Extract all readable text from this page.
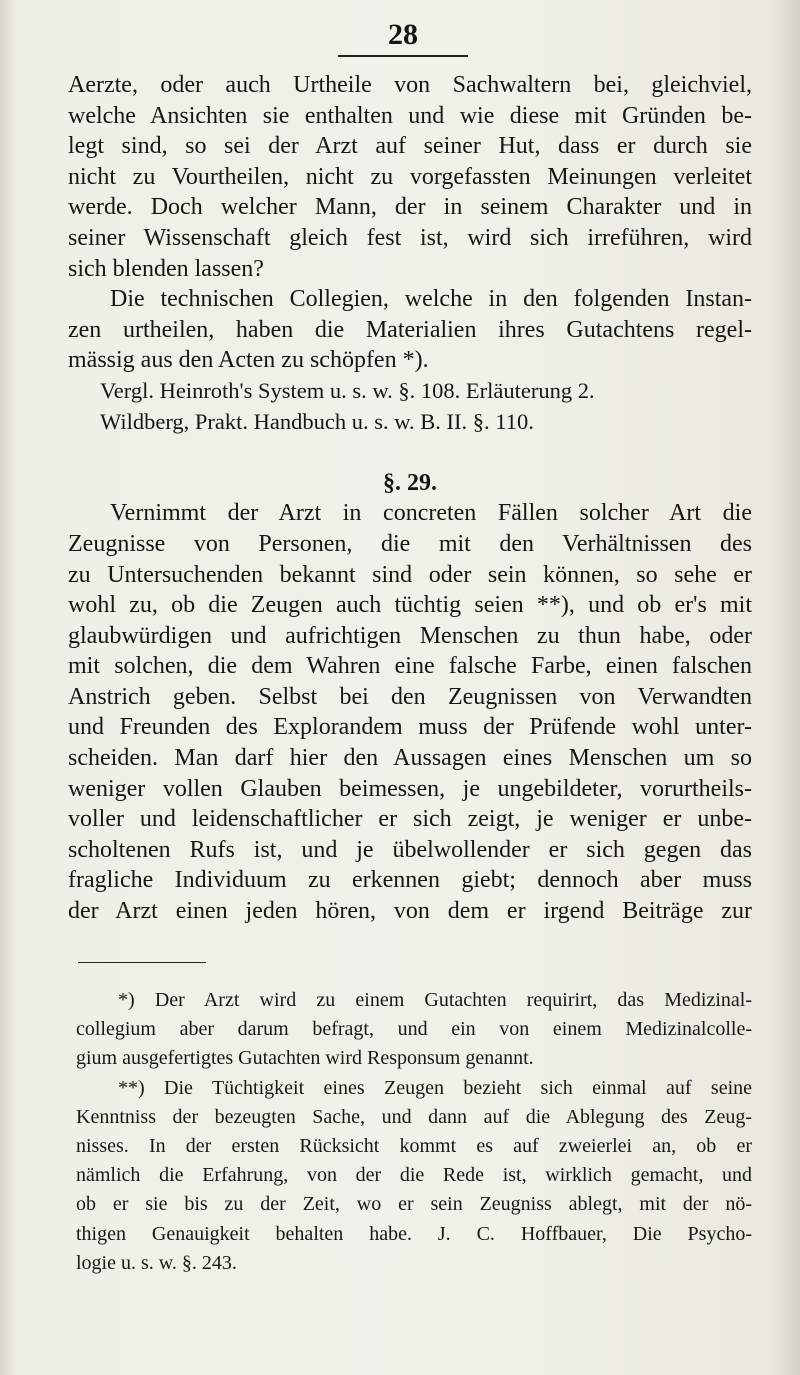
28

Aerzte, oder auch Urtheile von Sachwaltern bei, gleichviel,
welche Ansichten sie enthalten und wie diese mit Gründen be-
legt sind, so sei der Arzt auf seiner Hut, dass er durch sie
nicht zu Vourtheilen, nicht zu vorgefassten Meinungen verleitet
werde. Doch welcher Mann, der in seinem Charakter und in
seiner Wissenschaft gleich fest ist, wird sich irreführen, wird
sich blenden lassen?
Die technischen Collegien, welche in den folgenden Instan-
zen urtheilen, haben die Materialien ihres Gutachtens regel-
mässig aus den Acten zu schöpfen *).
Vergl. Heinroth's System u. s. w. §. 108. Erläuterung 2.
Wildberg, Prakt. Handbuch u. s. w. B. II. §. 110.
§. 29.
Vernimmt der Arzt in concreten Fällen solcher Art die
Zeugnisse von Personen, die mit den Verhältnissen des
zu Untersuchenden bekannt sind oder sein können, so sehe er
wohl zu, ob die Zeugen auch tüchtig seien **), und ob er's mit
glaubwürdigen und aufrichtigen Menschen zu thun habe, oder
mit solchen, die dem Wahren eine falsche Farbe, einen falschen
Anstrich geben. Selbst bei den Zeugnissen von Verwandten
und Freunden des Explorandem muss der Prüfende wohl unter-
scheiden. Man darf hier den Aussagen eines Menschen um so
weniger vollen Glauben beimessen, je ungebildeter, vorurtheils-
voller und leidenschaftlicher er sich zeigt, je weniger er unbe-
scholtenen Rufs ist, und je übelwollender er sich gegen das
fragliche Individuum zu erkennen giebt; dennoch aber muss
der Arzt einen jeden hören, von dem er irgend Beiträge zur
*) Der Arzt wird zu einem Gutachten requirirt, das Medizinal-
collegium aber darum befragt, und ein von einem Medizinalcolle-
gium ausgefertigtes Gutachten wird Responsum genannt.
**) Die Tüchtigkeit eines Zeugen bezieht sich einmal auf seine
Kenntniss der bezeugten Sache, und dann auf die Ablegung des Zeug-
nisses. In der ersten Rücksicht kommt es auf zweierlei an, ob er
nämlich die Erfahrung, von der die Rede ist, wirklich gemacht, und
ob er sie bis zu der Zeit, wo er sein Zeugniss ablegt, mit der nö-
thigen Genauigkeit behalten habe. J. C. Hoffbauer, Die Psycho-
logie u. s. w. §. 243.
